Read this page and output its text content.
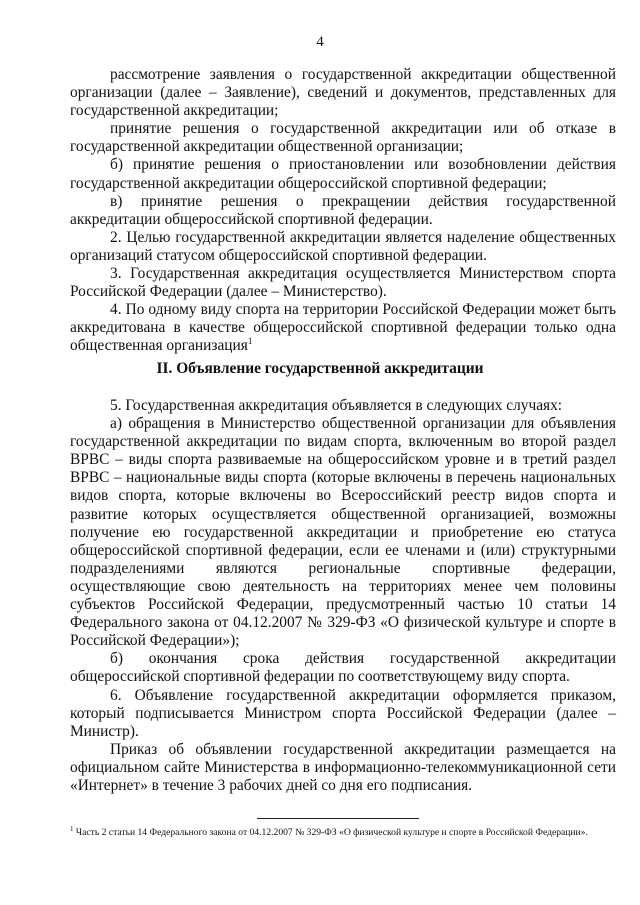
4

рассмотрение заявления о государственной аккредитации общественной организации (далее – Заявление), сведений и документов, представленных для государственной аккредитации;

принятие решения о государственной аккредитации или об отказе в государственной аккредитации общественной организации;

б) принятие решения о приостановлении или возобновлении действия государственной аккредитации общероссийской спортивной федерации;

в) принятие решения о прекращении действия государственной аккредитации общероссийской спортивной федерации.

2. Целью государственной аккредитации является наделение общественных организаций статусом общероссийской спортивной федерации.

3. Государственная аккредитация осуществляется Министерством спорта Российской Федерации (далее – Министерство).

4. По одному виду спорта на территории Российской Федерации может быть аккредитована в качестве общероссийской спортивной федерации только одна общественная организация$^1$

II. Объявление государственной аккредитации

5. Государственная аккредитация объявляется в следующих случаях:

а) обращения в Министерство общественной организации для объявления государственной аккредитации по видам спорта, включенным во второй раздел ВРВС – виды спорта развиваемые на общероссийском уровне и в третий раздел ВРВС – национальные виды спорта (которые включены в перечень национальных видов спорта, которые включены во Всероссийский реестр видов спорта и развитие которых осуществляется общественной организацией, возможны получение ею государственной аккредитации и приобретение ею статуса общероссийской спортивной федерации, если ее членами и (или) структурными подразделениями являются региональные спортивные федерации, осуществляющие свою деятельность на территориях менее чем половины субъектов Российской Федерации, предусмотренный частью 10 статьи 14 Федерального закона от 04.12.2007 № 329-ФЗ «О физической культуре и спорте в Российской Федерации»);

б) окончания срока действия государственной аккредитации общероссийской спортивной федерации по соответствующему виду спорта.

6. Объявление государственной аккредитации оформляется приказом, который подписывается Министром спорта Российской Федерации (далее – Министр).

Приказ об объявлении государственной аккредитации размещается на официальном сайте Министерства в информационно-телекоммуникационной сети «Интернет» в течение 3 рабочих дней со дня его подписания.

$^1$ Часть 2 статьи 14 Федерального закона от 04.12.2007 № 329-ФЗ «О физической культуре и спорте в Российской Федерации».
